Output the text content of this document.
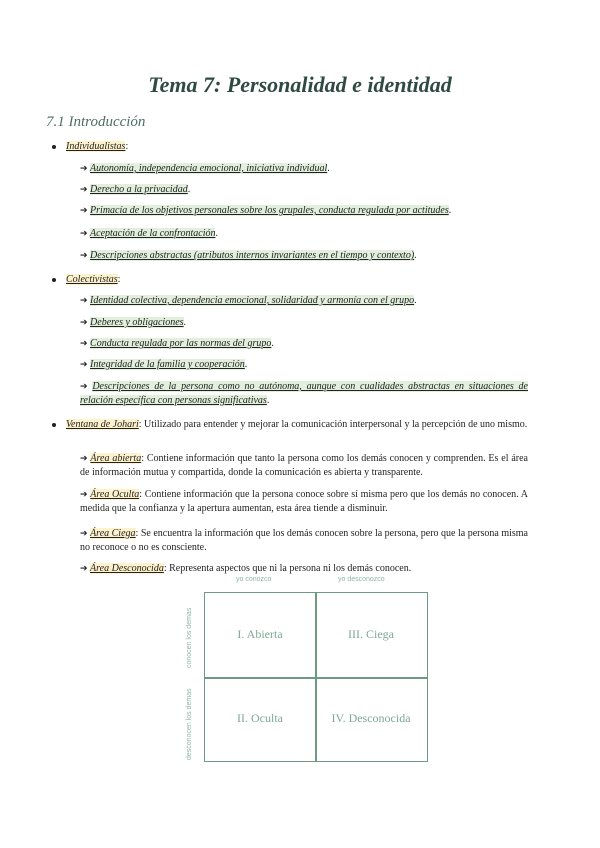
Tema 7: Personalidad e identidad
7.1 Introducción
Individualistas:
➔ Autonomía, independencia emocional, iniciativa individual.
➔ Derecho a la privacidad.
➔ Primacía de los objetivos personales sobre los grupales, conducta regulada por actitudes.
➔ Aceptación de la confrontación.
➔ Descripciones abstractas (atributos internos invariantes en el tiempo y contexto).
Colectivistas:
➔ Identidad colectiva, dependencia emocional, solidaridad y armonía con el grupo.
➔ Deberes y obligaciones.
➔ Conducta regulada por las normas del grupo.
➔ Integridad de la familia y cooperación.
➔ Descripciones de la persona como no autónoma, aunque con cualidades abstractas en situaciones de relación específica con personas significativas.
Ventana de Johari: Utilizado para entender y mejorar la comunicación interpersonal y la percepción de uno mismo.
➔ Área abierta: Contiene información que tanto la persona como los demás conocen y comprenden. Es el área de información mutua y compartida, donde la comunicación es abierta y transparente.
➔ Área Oculta: Contiene información que la persona conoce sobre sí misma pero que los demás no conocen. A medida que la confianza y la apertura aumentan, esta área tiende a disminuir.
➔ Área Ciega: Se encuentra la información que los demás conocen sobre la persona, pero que la persona misma no reconoce o no es consciente.
➔ Área Desconocida: Representa aspectos que ni la persona ni los demás conocen.
yo conozco	yo desconozco
conocen los demas
desconocen los demas
I. Abierta	III. Ciega
II. Oculta	IV. Desconocida
